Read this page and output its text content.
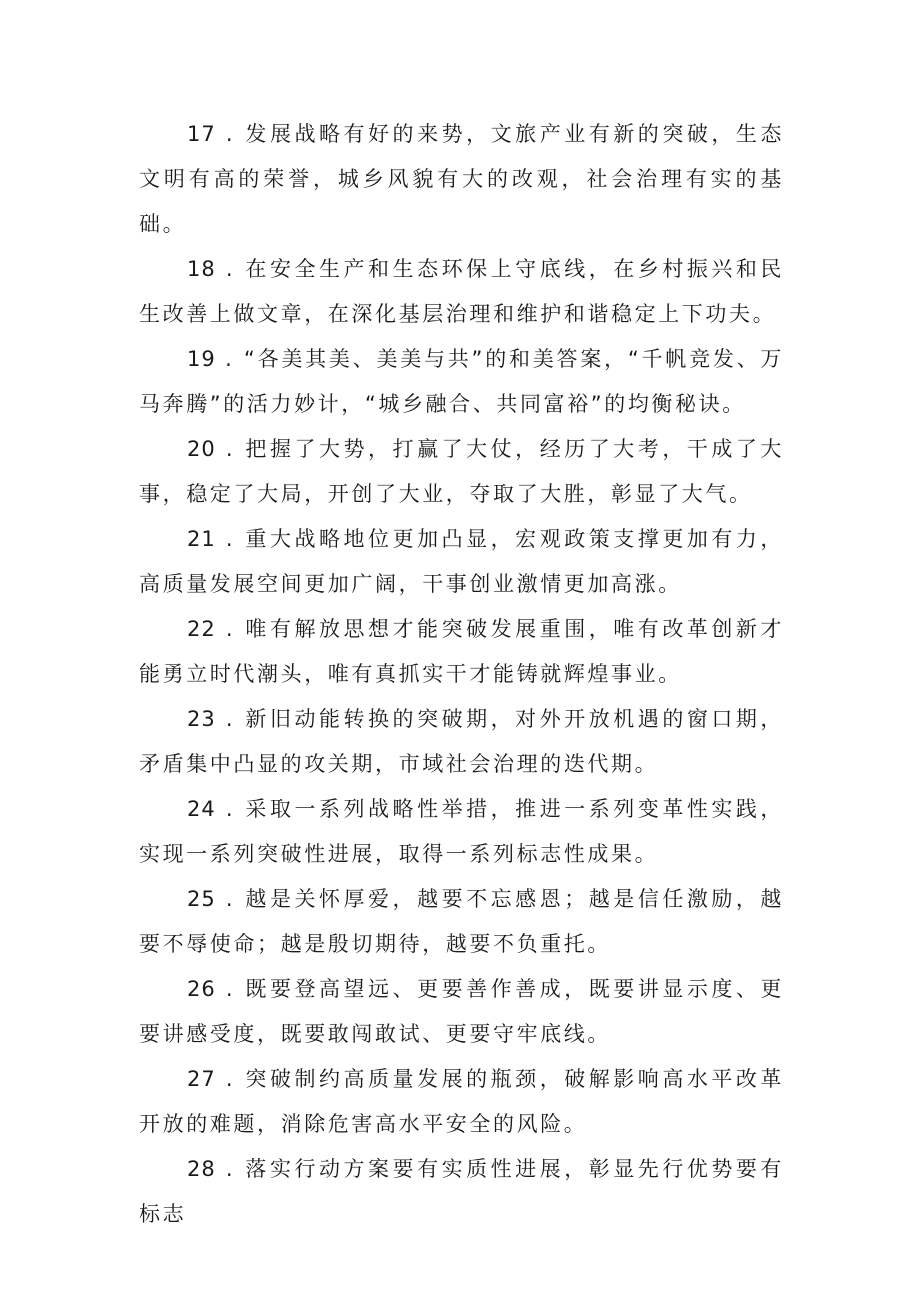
17 . 发展战略有好的来势，文旅产业有新的突破，生态文明有高的荣誉，城乡风貌有大的改观，社会治理有实的基础。

18 . 在安全生产和生态环保上守底线，在乡村振兴和民生改善上做文章，在深化基层治理和维护和谐稳定上下功夫。

19 . “各美其美、美美与共”的和美答案，“千帆竞发、万马奔腾”的活力妙计，“城乡融合、共同富裕”的均衡秘诀。

20 . 把握了大势，打赢了大仗，经历了大考，干成了大事，稳定了大局，开创了大业，夺取了大胜，彰显了大气。

21 . 重大战略地位更加凸显，宏观政策支撑更加有力，高质量发展空间更加广阔，干事创业激情更加高涨。

22 . 唯有解放思想才能突破发展重围，唯有改革创新才能勇立时代潮头，唯有真抓实干才能铸就辉煌事业。

23 . 新旧动能转换的突破期，对外开放机遇的窗口期，矛盾集中凸显的攻关期，市域社会治理的迭代期。

24 . 采取一系列战略性举措，推进一系列变革性实践，实现一系列突破性进展，取得一系列标志性成果。

25 . 越是关怀厚爱，越要不忘感恩；越是信任激励，越要不辱使命；越是殷切期待，越要不负重托。

26 . 既要登高望远、更要善作善成，既要讲显示度、更要讲感受度，既要敢闯敢试、更要守牢底线。

27 . 突破制约高质量发展的瓶颈，破解影响高水平改革开放的难题，消除危害高水平安全的风险。

28 . 落实行动方案要有实质性进展，彰显先行优势要有标志
